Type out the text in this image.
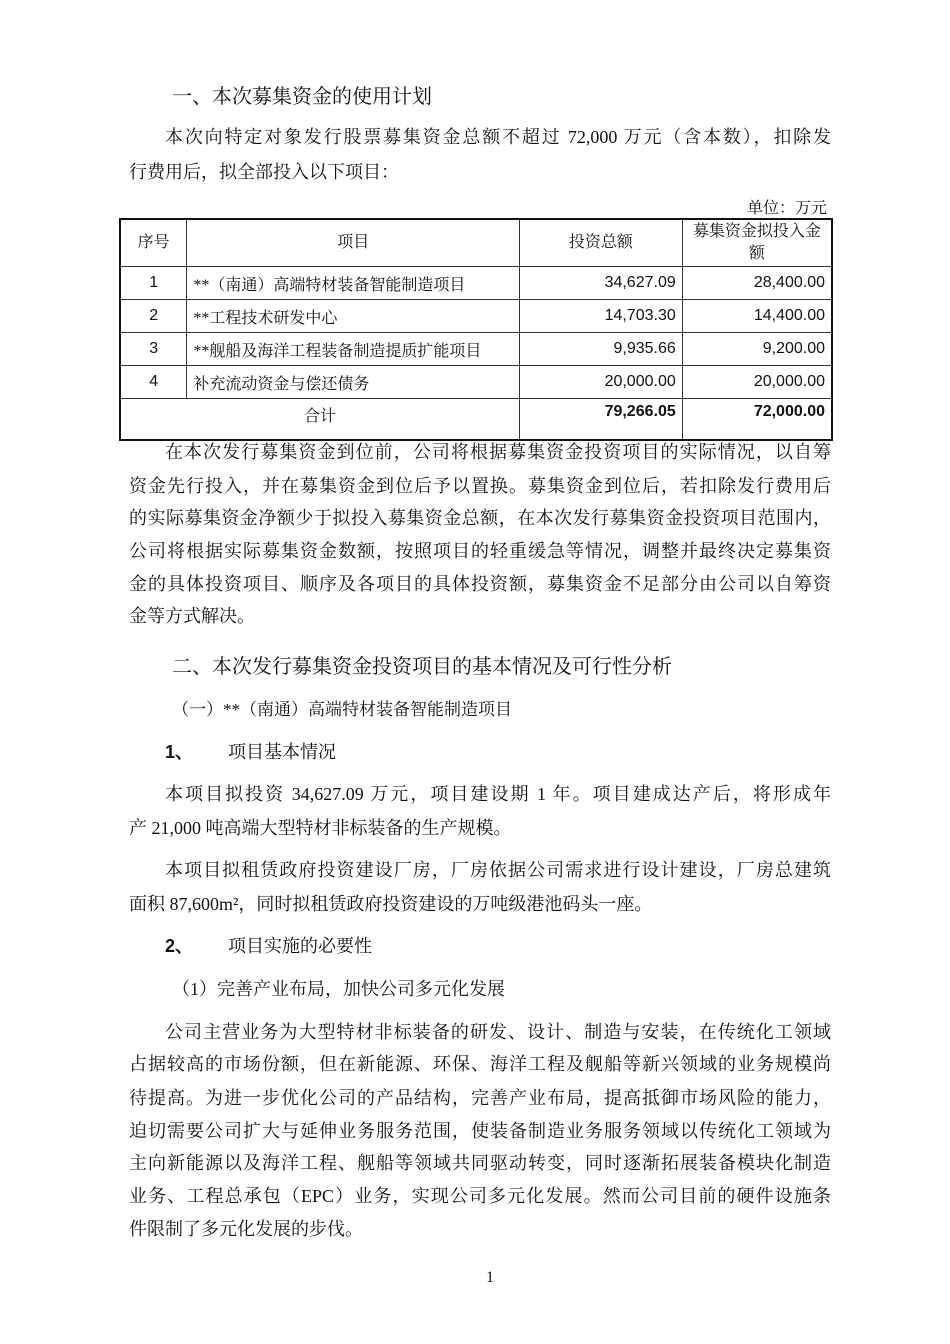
一、本次募集资金的使用计划
本次向特定对象发行股票募集资金总额不超过 72,000 万元（含本数），扣除发
行费用后，拟全部投入以下项目：
单位：万元
序号	项目	投资总额	募集资金拟投入金额
1	**（南通）高端特材装备智能制造项目	34,627.09	28,400.00
2	**工程技术研发中心	14,703.30	14,400.00
3	**舰船及海洋工程装备制造提质扩能项目	9,935.66	9,200.00
4	补充流动资金与偿还债务	20,000.00	20,000.00
合计		79,266.05	72,000.00
在本次发行募集资金到位前，公司将根据募集资金投资项目的实际情况，以自筹
资金先行投入，并在募集资金到位后予以置换。募集资金到位后，若扣除发行费用后
的实际募集资金净额少于拟投入募集资金总额，在本次发行募集资金投资项目范围内，
公司将根据实际募集资金数额，按照项目的轻重缓急等情况，调整并最终决定募集资
金的具体投资项目、顺序及各项目的具体投资额，募集资金不足部分由公司以自筹资
金等方式解决。
二、本次发行募集资金投资项目的基本情况及可行性分析
（一）**（南通）高端特材装备智能制造项目
1、	项目基本情况
本项目拟投资 34,627.09 万元，项目建设期 1 年。项目建成达产后，将形成年
产 21,000 吨高端大型特材非标装备的生产规模。
本项目拟租赁政府投资建设厂房，厂房依据公司需求进行设计建设，厂房总建筑
面积 87,600m²，同时拟租赁政府投资建设的万吨级港池码头一座。
2、	项目实施的必要性
（1）完善产业布局，加快公司多元化发展
公司主营业务为大型特材非标装备的研发、设计、制造与安装，在传统化工领域
占据较高的市场份额，但在新能源、环保、海洋工程及舰船等新兴领域的业务规模尚
待提高。为进一步优化公司的产品结构，完善产业布局，提高抵御市场风险的能力，
迫切需要公司扩大与延伸业务服务范围，使装备制造业务服务领域以传统化工领域为
主向新能源以及海洋工程、舰船等领域共同驱动转变，同时逐渐拓展装备模块化制造
业务、工程总承包（EPC）业务，实现公司多元化发展。然而公司目前的硬件设施条
件限制了多元化发展的步伐。
1
